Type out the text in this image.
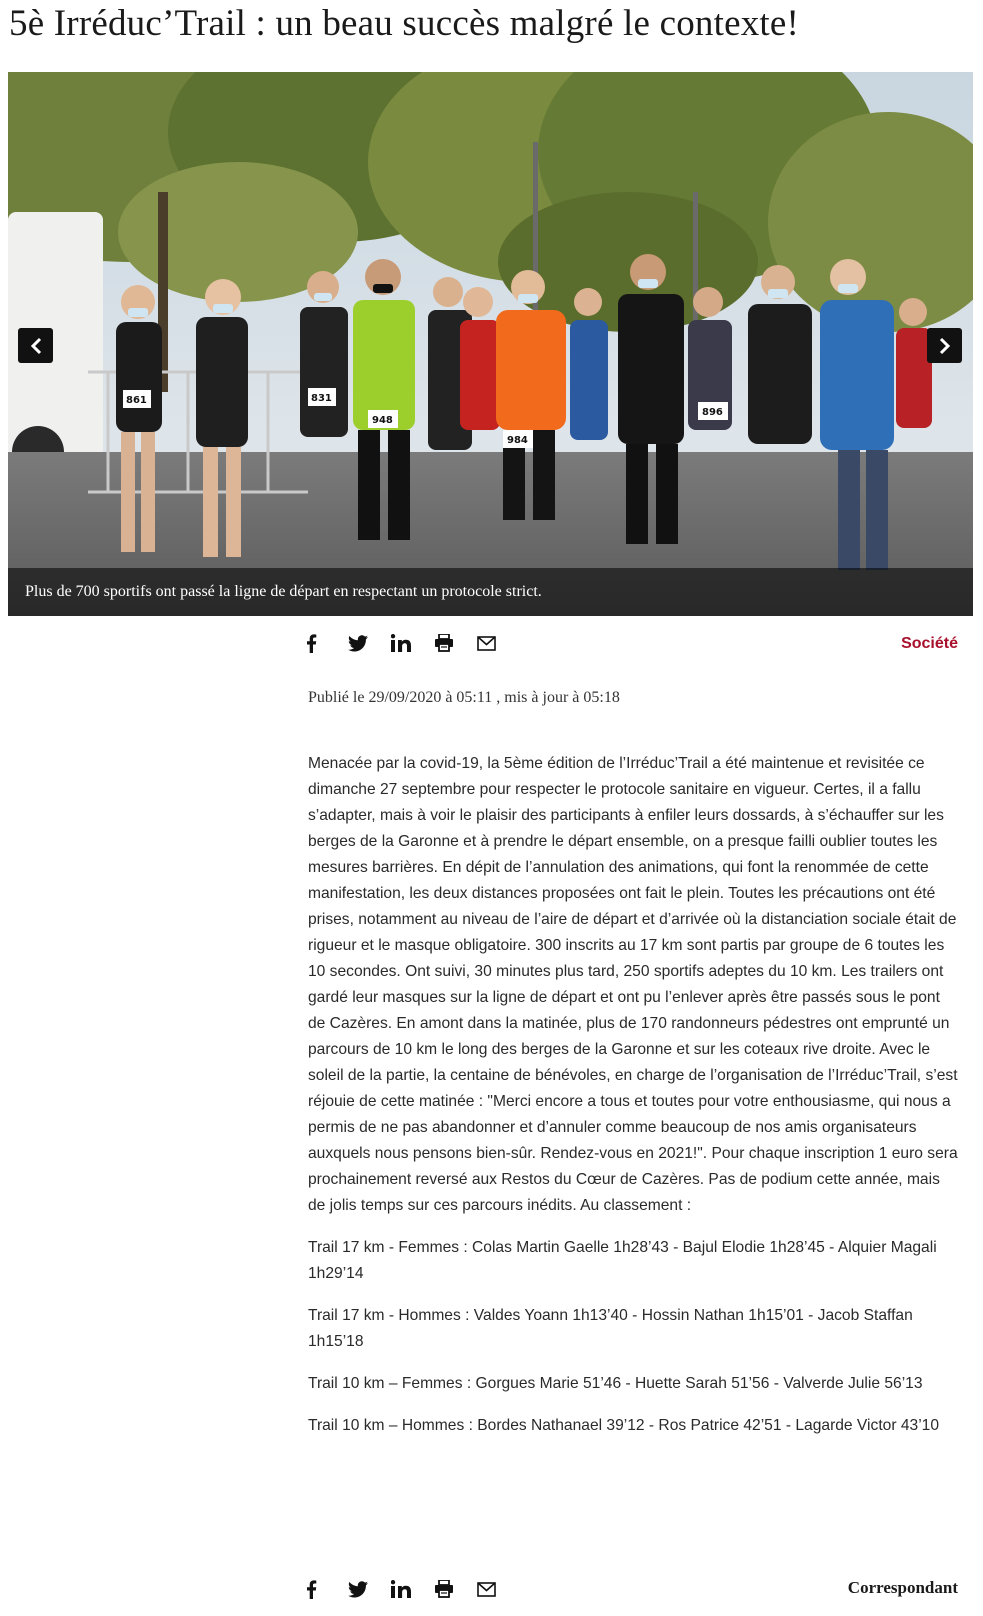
5è Irréduc’Trail : un beau succès malgré le contexte!
861	831
948
984
896
Plus de 700 sportifs ont passé la ligne de départ en respectant un protocole strict.
Société
Publié le 29/09/2020 à 05:11 , mis à jour à 05:18

Menacée par la covid-19, la 5ème édition de l’Irréduc’Trail a été maintenue et revisitée ce dimanche 27 septembre pour respecter le protocole sanitaire en vigueur. Certes, il a fallu s’adapter, mais à voir le plaisir des participants à enfiler leurs dossards, à s’échauffer sur les berges de la Garonne et à prendre le départ ensemble, on a presque failli oublier toutes les mesures barrières. En dépit de l’annulation des animations, qui font la renommée de cette manifestation, les deux distances proposées ont fait le plein. Toutes les précautions ont été prises, notamment au niveau de l’aire de départ et d’arrivée où la distanciation sociale était de rigueur et le masque obligatoire. 300 inscrits au 17 km sont partis par groupe de 6 toutes les 10 secondes. Ont suivi, 30 minutes plus tard, 250 sportifs adeptes du 10 km. Les trailers ont gardé leur masques sur la ligne de départ et ont pu l’enlever après être passés sous le pont de Cazères. En amont dans la matinée, plus de 170 randonneurs pédestres ont emprunté un parcours de 10 km le long des berges de la Garonne et sur les coteaux rive droite. Avec le soleil de la partie, la centaine de bénévoles, en charge de l’organisation de l’Irréduc’Trail, s’est réjouie de cette matinée : "Merci encore a tous et toutes pour votre enthousiasme, qui nous a permis de ne pas abandonner et d’annuler comme beaucoup de nos amis organisateurs auxquels nous pensons bien-sûr. Rendez-vous en 2021!". Pour chaque inscription 1 euro sera prochainement reversé aux Restos du Cœur de Cazères. Pas de podium cette année, mais de jolis temps sur ces parcours inédits. Au classement :

Trail 17 km - Femmes : Colas Martin Gaelle 1h28’43 - Bajul Elodie 1h28’45 - Alquier Magali 1h29’14

Trail 17 km - Hommes : Valdes Yoann 1h13’40 - Hossin Nathan 1h15’01 - Jacob Staffan 1h15’18

Trail 10 km – Femmes : Gorgues Marie 51’46 - Huette Sarah 51’56 - Valverde Julie 56’13

Trail 10 km – Hommes : Bordes Nathanael 39’12 - Ros Patrice 42’51 - Lagarde Victor 43’10

Correspondant
